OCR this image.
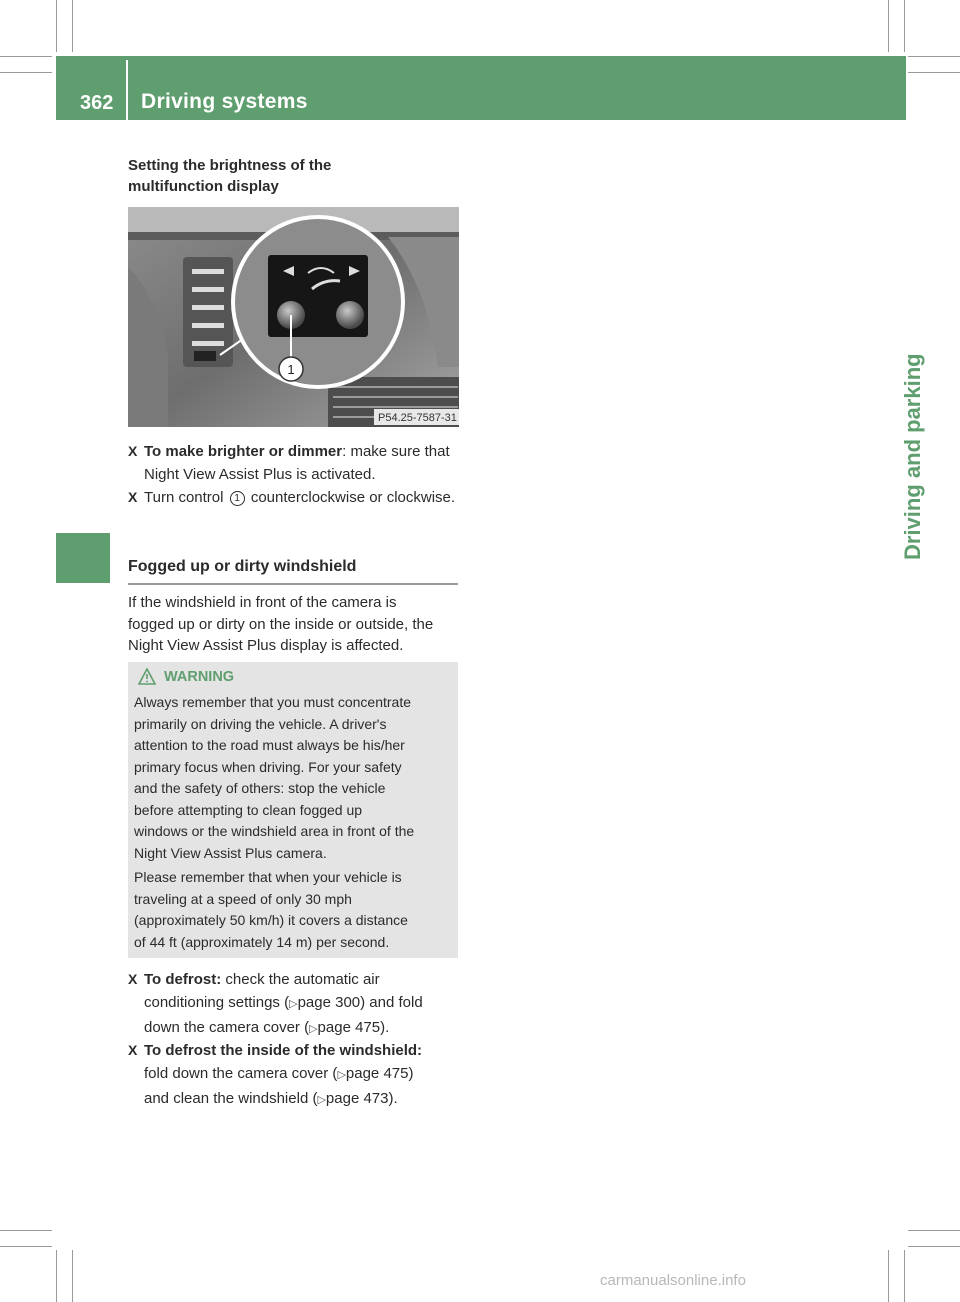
362 Driving systems
Driving and parking
Setting the brightness of the
multifunction display
1
P54.25-7587-31
X To make brighter or dimmer: make sure that Night View Assist Plus is activated.
X Turn control 1 counterclockwise or clockwise.
Fogged up or dirty windshield
If the windshield in front of the camera is
fogged up or dirty on the inside or outside, the
Night View Assist Plus display is affected.
WARNING
Always remember that you must concentrate
primarily on driving the vehicle. A driver's
attention to the road must always be his/her
primary focus when driving. For your safety
and the safety of others: stop the vehicle
before attempting to clean fogged up
windows or the windshield area in front of the
Night View Assist Plus camera.
Please remember that when your vehicle is
traveling at a speed of only 30 mph
(approximately 50 km/h) it covers a distance
of 44 ft (approximately 14 m) per second.
X To defrost: check the automatic air
conditioning settings (▷page 300) and fold
down the camera cover (▷page 475).
X To defrost the inside of the windshield:
fold down the camera cover (▷page 475)
and clean the windshield (▷page 473).
carmanualsonline.info
